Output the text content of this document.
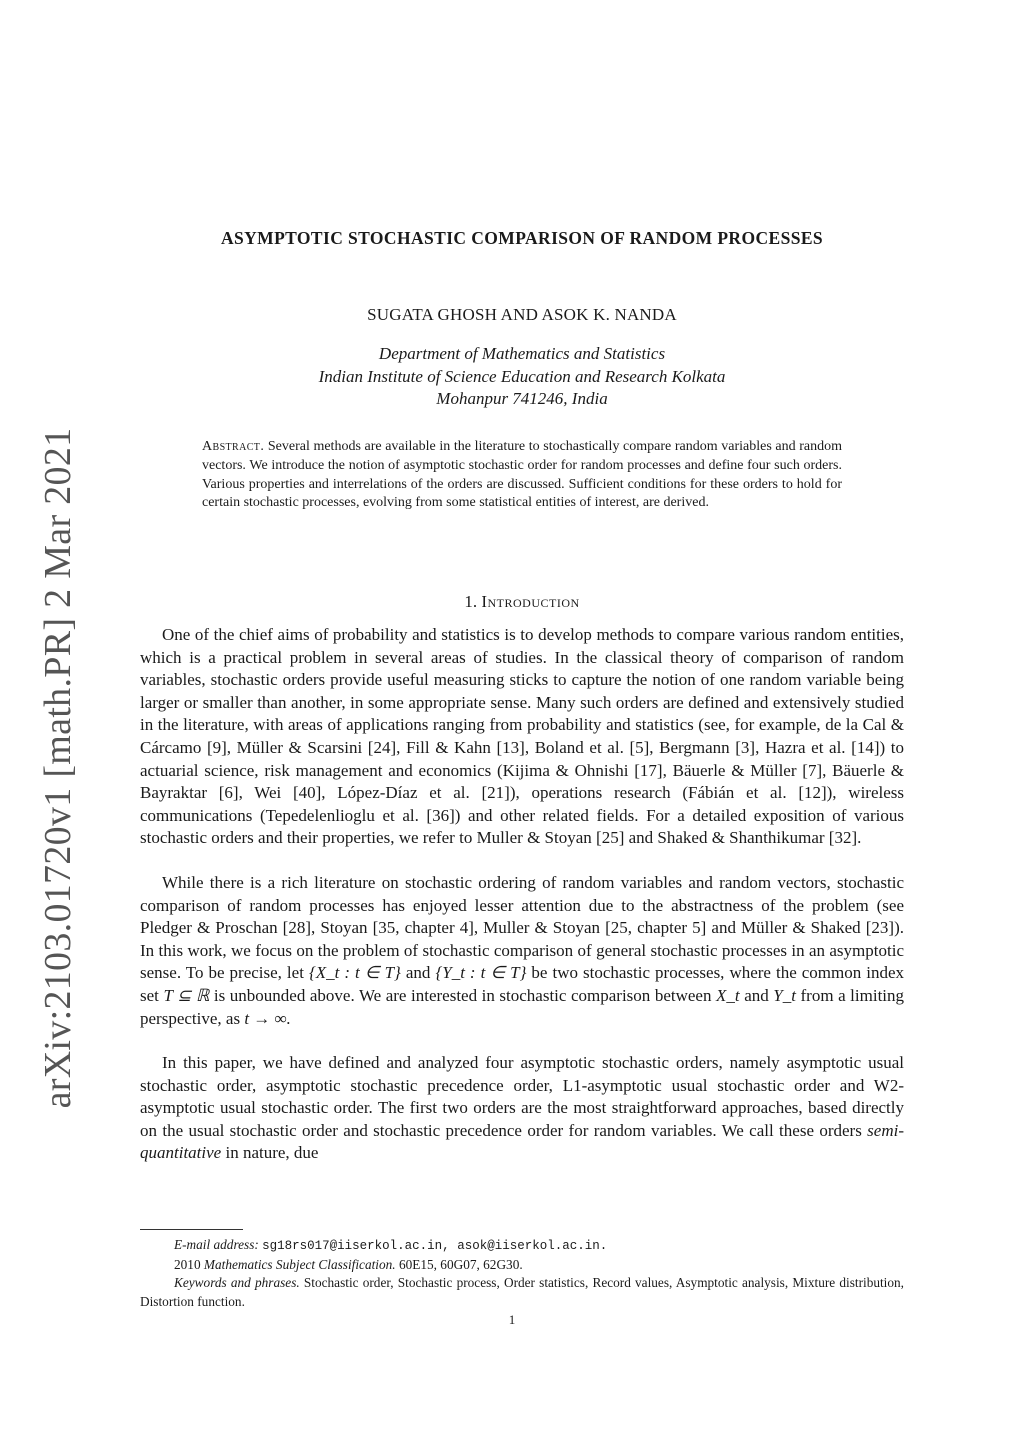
arXiv:2103.01720v1 [math.PR] 2 Mar 2021
ASYMPTOTIC STOCHASTIC COMPARISON OF RANDOM PROCESSES
SUGATA GHOSH AND ASOK K. NANDA
Department of Mathematics and Statistics
Indian Institute of Science Education and Research Kolkata
Mohanpur 741246, India
Abstract. Several methods are available in the literature to stochastically compare random variables and random vectors. We introduce the notion of asymptotic stochastic order for random processes and define four such orders. Various properties and interrelations of the orders are discussed. Sufficient conditions for these orders to hold for certain stochastic processes, evolving from some statistical entities of interest, are derived.
1. Introduction

One of the chief aims of probability and statistics is to develop methods to compare various random entities, which is a practical problem in several areas of studies. In the classical theory of comparison of random variables, stochastic orders provide useful measuring sticks to capture the notion of one random variable being larger or smaller than another, in some appropriate sense. Many such orders are defined and extensively studied in the literature, with areas of applications ranging from probability and statistics (see, for example, de la Cal & Cárcamo [9], Müller & Scarsini [24], Fill & Kahn [13], Boland et al. [5], Bergmann [3], Hazra et al. [14]) to actuarial science, risk management and economics (Kijima & Ohnishi [17], Bäuerle & Müller [7], Bäuerle & Bayraktar [6], Wei [40], López-Díaz et al. [21]), operations research (Fábián et al. [12]), wireless communications (Tepedelenlioglu et al. [36]) and other related fields. For a detailed exposition of various stochastic orders and their properties, we refer to Muller & Stoyan [25] and Shaked & Shanthikumar [32].

While there is a rich literature on stochastic ordering of random variables and random vectors, stochastic comparison of random processes has enjoyed lesser attention due to the abstractness of the problem (see Pledger & Proschan [28], Stoyan [35, chapter 4], Muller & Stoyan [25, chapter 5] and Müller & Shaked [23]). In this work, we focus on the problem of stochastic comparison of general stochastic processes in an asymptotic sense. To be precise, let {X_t : t ∈ T} and {Y_t : t ∈ T} be two stochastic processes, where the common index set T ⊆ ℝ is unbounded above. We are interested in stochastic comparison between X_t and Y_t from a limiting perspective, as t → ∞.

In this paper, we have defined and analyzed four asymptotic stochastic orders, namely asymptotic usual stochastic order, asymptotic stochastic precedence order, L1-asymptotic usual stochastic order and W2-asymptotic usual stochastic order. The first two orders are the most straightforward approaches, based directly on the usual stochastic order and stochastic precedence order for random variables. We call these orders semi-quantitative in nature, due

E-mail address: sg18rs017@iiserkol.ac.in, asok@iiserkol.ac.in.
2010 Mathematics Subject Classification. 60E15, 60G07, 62G30.
Keywords and phrases. Stochastic order, Stochastic process, Order statistics, Record values, Asymptotic analysis, Mixture distribution, Distortion function.
1
